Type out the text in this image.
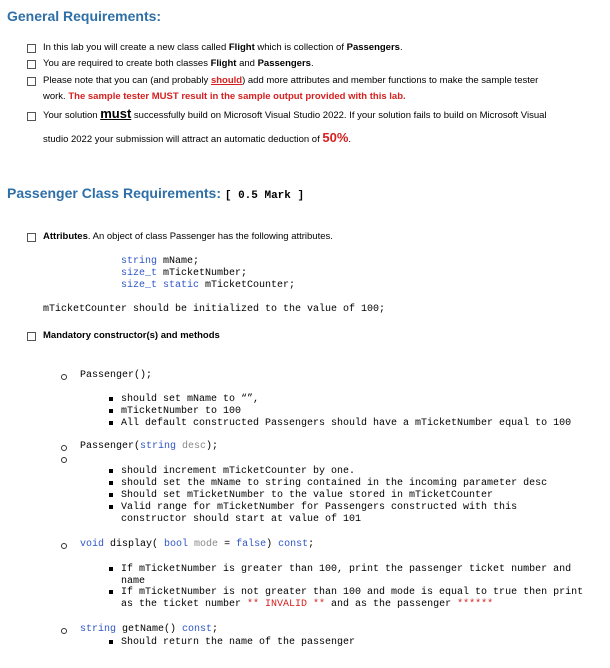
General Requirements:
In this lab you will create a new class called Flight which is collection of Passengers.
You are required to create both classes Flight and Passengers.
Please note that you can (and probably should) add more attributes and member functions to make the sample tester
work. The sample tester MUST result in the sample output provided with this lab.
Your solution must successfully build on Microsoft Visual Studio 2022. If your solution fails to build on Microsoft Visual
studio 2022 your submission will attract an automatic deduction of 50%.
Passenger Class Requirements: [ 0.5 Mark ]
Attributes. An object of class Passenger has the following attributes.
string mName;
size_t mTicketNumber;
size_t static mTicketCounter;
mTicketCounter should be initialized to the value of 100;
Mandatory constructor(s) and methods
Passenger();
should set mName to “”,
mTicketNumber to 100
All default constructed Passengers should have a mTicketNumber equal to 100
Passenger(string desc);
should increment mTicketCounter by one.
should set the mName to string contained in the incoming parameter desc
Should set mTicketNumber to the value stored in mTicketCounter
Valid range for mTicketNumber for Passengers constructed with this
constructor should start at value of 101
void display( bool mode = false) const;
If mTicketNumber is greater than 100, print the passenger ticket number and
name
If mTicketNumber is not greater than 100 and mode is equal to true then print
as the ticket number ** INVALID ** and as the passenger ******
string getName() const;
Should return the name of the passenger
